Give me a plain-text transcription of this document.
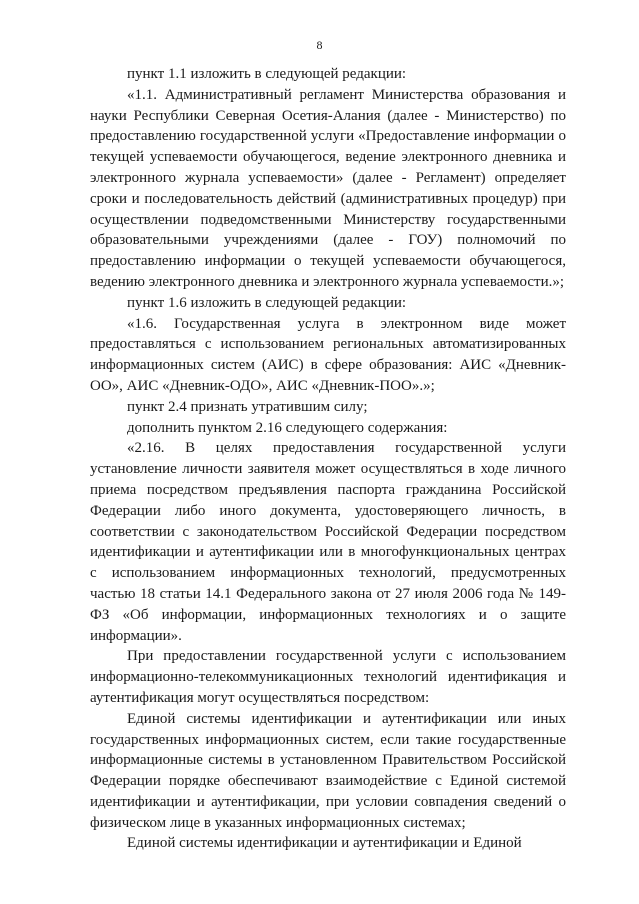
8

пункт 1.1 изложить в следующей редакции:

«1.1. Административный регламент Министерства образования и науки Республики Северная Осетия-Алания (далее - Министерство) по предоставлению государственной услуги «Предоставление информации о текущей успеваемости обучающегося, ведение электронного дневника и электронного журнала успеваемости» (далее - Регламент) определяет сроки и последовательность действий (административных процедур) при осуществлении подведомственными Министерству государственными образовательными учреждениями (далее - ГОУ) полномочий по предоставлению информации о текущей успеваемости обучающегося, ведению электронного дневника и электронного журнала успеваемости.»;

пункт 1.6 изложить в следующей редакции:

«1.6. Государственная услуга в электронном виде может предоставляться с использованием региональных автоматизированных информационных систем (АИС) в сфере образования: АИС «Дневник-ОО», АИС «Дневник-ОДО», АИС «Дневник-ПОО».»;

пункт 2.4 признать утратившим силу;

дополнить пунктом 2.16 следующего содержания:

«2.16. В целях предоставления государственной услуги установление личности заявителя может осуществляться в ходе личного приема посредством предъявления паспорта гражданина Российской Федерации либо иного документа, удостоверяющего личность, в соответствии с законодательством Российской Федерации посредством идентификации и аутентификации или в многофункциональных центрах с использованием информационных технологий, предусмотренных частью 18 статьи 14.1 Федерального закона от 27 июля 2006 года № 149-ФЗ «Об информации, информационных технологиях и о защите информации».

При предоставлении государственной услуги с использованием информационно-телекоммуникационных технологий идентификация и аутентификация могут осуществляться посредством:

Единой системы идентификации и аутентификации или иных государственных информационных систем, если такие государственные информационные системы в установленном Правительством Российской Федерации порядке обеспечивают взаимодействие с Единой системой идентификации и аутентификации, при условии совпадения сведений о физическом лице в указанных информационных системах;

Единой системы идентификации и аутентификации и Единой
